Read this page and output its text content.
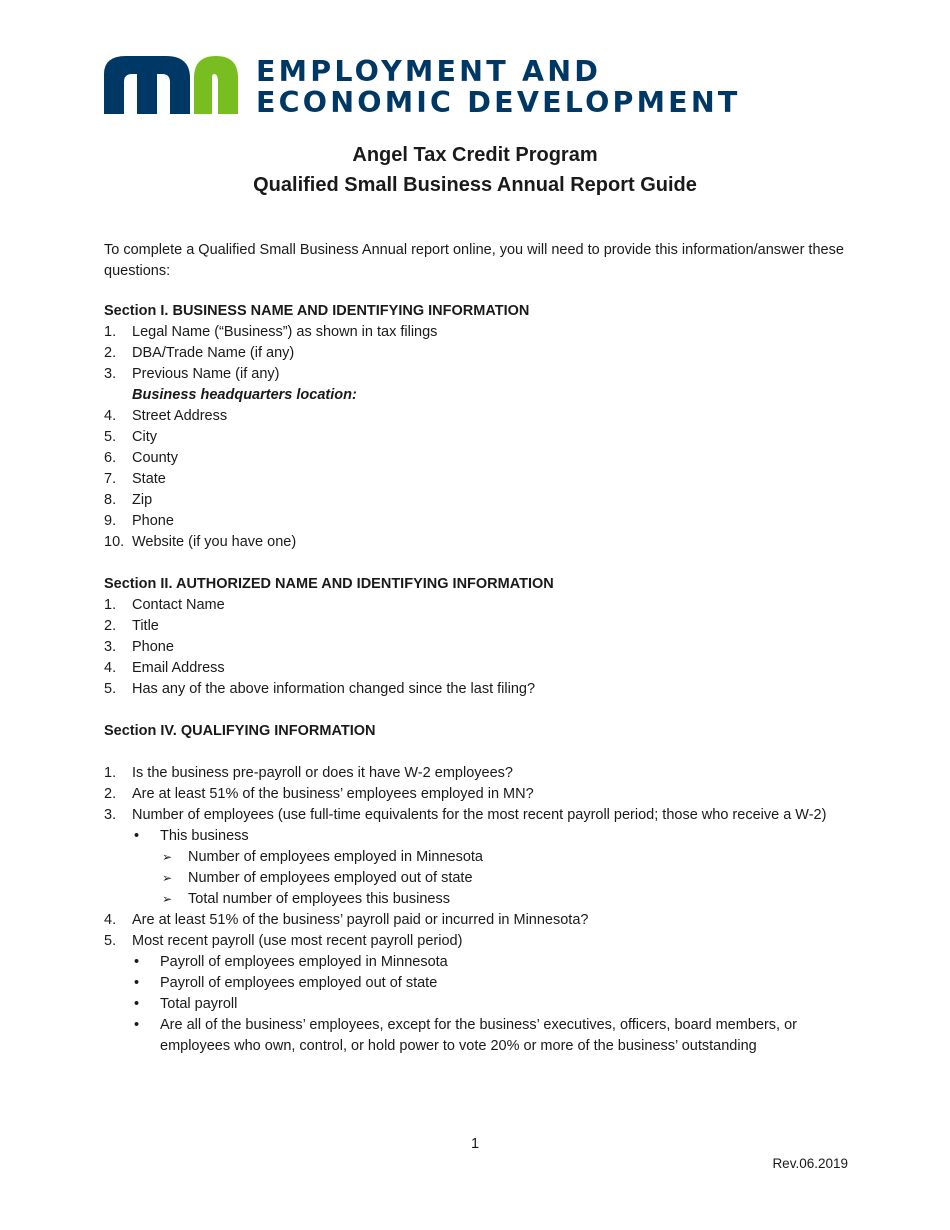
EMPLOYMENT AND
ECONOMIC DEVELOPMENT
Angel Tax Credit Program
Qualified Small Business Annual Report Guide

To complete a Qualified Small Business Annual report online, you will need to provide this information/answer these questions:

Section I. BUSINESS NAME AND IDENTIFYING INFORMATION
1. Legal Name (“Business”) as shown in tax filings
2. DBA/Trade Name (if any)
3. Previous Name (if any)
Business headquarters location:
4. Street Address
5. City
6. County
7. State
8. Zip
9. Phone
10. Website (if you have one)
Section II. AUTHORIZED NAME AND IDENTIFYING INFORMATION
1. Contact Name
2. Title
3. Phone
4. Email Address
5. Has any of the above information changed since the last filing?
Section IV. QUALIFYING INFORMATION
1. Is the business pre-payroll or does it have W-2 employees?
2. Are at least 51% of the business’ employees employed in MN?
3. Number of employees (use full-time equivalents for the most recent payroll period; those who receive a W-2)
• This business
➢ Number of employees employed in Minnesota
➢ Number of employees employed out of state
➢ Total number of employees this business
4. Are at least 51% of the business’ payroll paid or incurred in Minnesota?
5. Most recent payroll (use most recent payroll period)
• Payroll of employees employed in Minnesota
• Payroll of employees employed out of state
• Total payroll
• Are all of the business’ employees, except for the business’ executives, officers, board members, or employees who own, control, or hold power to vote 20% or more of the business’ outstanding
1
Rev.06.2019
